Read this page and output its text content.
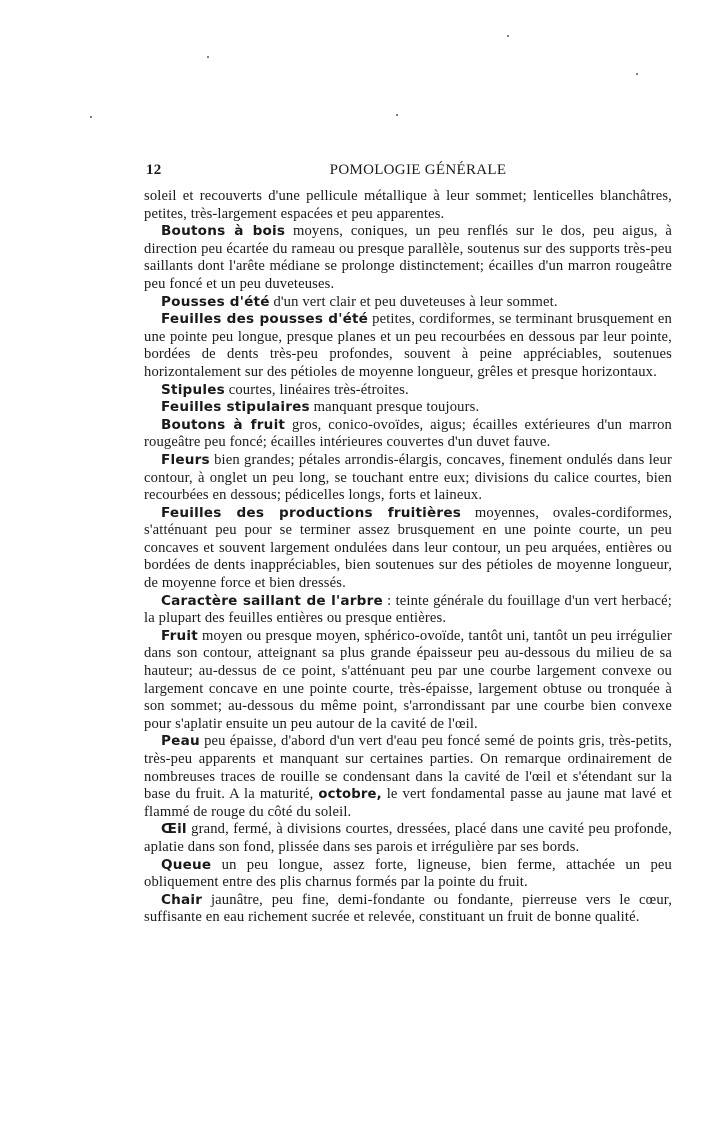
12	POMOLOGIE GÉNÉRALE

soleil et recouverts d'une pellicule métallique à leur sommet; lenticelles blanchâtres, petites, très-largement espacées et peu apparentes.

Boutons à bois moyens, coniques, un peu renflés sur le dos, peu aigus, à direction peu écartée du rameau ou presque parallèle, soutenus sur des supports très-peu saillants dont l'arête médiane se prolonge distinctement; écailles d'un marron rougeâtre peu foncé et un peu duveteuses.

Pousses d'été d'un vert clair et peu duveteuses à leur sommet.

Feuilles des pousses d'été petites, cordiformes, se terminant brusquement en une pointe peu longue, presque planes et un peu recourbées en dessous par leur pointe, bordées de dents très-peu profondes, souvent à peine appréciables, soutenues horizontalement sur des pétioles de moyenne longueur, grêles et presque horizontaux.

Stipules courtes, linéaires très-étroites.

Feuilles stipulaires manquant presque toujours.

Boutons à fruit gros, conico-ovoïdes, aigus; écailles extérieures d'un marron rougeâtre peu foncé; écailles intérieures couvertes d'un duvet fauve.

Fleurs bien grandes; pétales arrondis-élargis, concaves, finement ondulés dans leur contour, à onglet un peu long, se touchant entre eux; divisions du calice courtes, bien recourbées en dessous; pédicelles longs, forts et laineux.

Feuilles des productions fruitières moyennes, ovales-cordiformes, s'atténuant peu pour se terminer assez brusquement en une pointe courte, un peu concaves et souvent largement ondulées dans leur contour, un peu arquées, entières ou bordées de dents inappréciables, bien soutenues sur des pétioles de moyenne longueur, de moyenne force et bien dressés.

Caractère saillant de l'arbre : teinte générale du fouillage d'un vert herbacé; la plupart des feuilles entières ou presque entières.

Fruit moyen ou presque moyen, sphérico-ovoïde, tantôt uni, tantôt un peu irrégulier dans son contour, atteignant sa plus grande épaisseur peu au-dessous du milieu de sa hauteur; au-dessus de ce point, s'atténuant peu par une courbe largement convexe ou largement concave en une pointe courte, très-épaisse, largement obtuse ou tronquée à son sommet; au-dessous du même point, s'arrondissant par une courbe bien convexe pour s'aplatir ensuite un peu autour de la cavité de l'œil.

Peau peu épaisse, d'abord d'un vert d'eau peu foncé semé de points gris, très-petits, très-peu apparents et manquant sur certaines parties. On remarque ordinairement de nombreuses traces de rouille se condensant dans la cavité de l'œil et s'étendant sur la base du fruit. A la maturité, octobre, le vert fondamental passe au jaune mat lavé et flammé de rouge du côté du soleil.

Œil grand, fermé, à divisions courtes, dressées, placé dans une cavité peu profonde, aplatie dans son fond, plissée dans ses parois et irrégulière par ses bords.

Queue un peu longue, assez forte, ligneuse, bien ferme, attachée un peu obliquement entre des plis charnus formés par la pointe du fruit.

Chair jaunâtre, peu fine, demi-fondante ou fondante, pierreuse vers le cœur, suffisante en eau richement sucrée et relevée, constituant un fruit de bonne qualité.
